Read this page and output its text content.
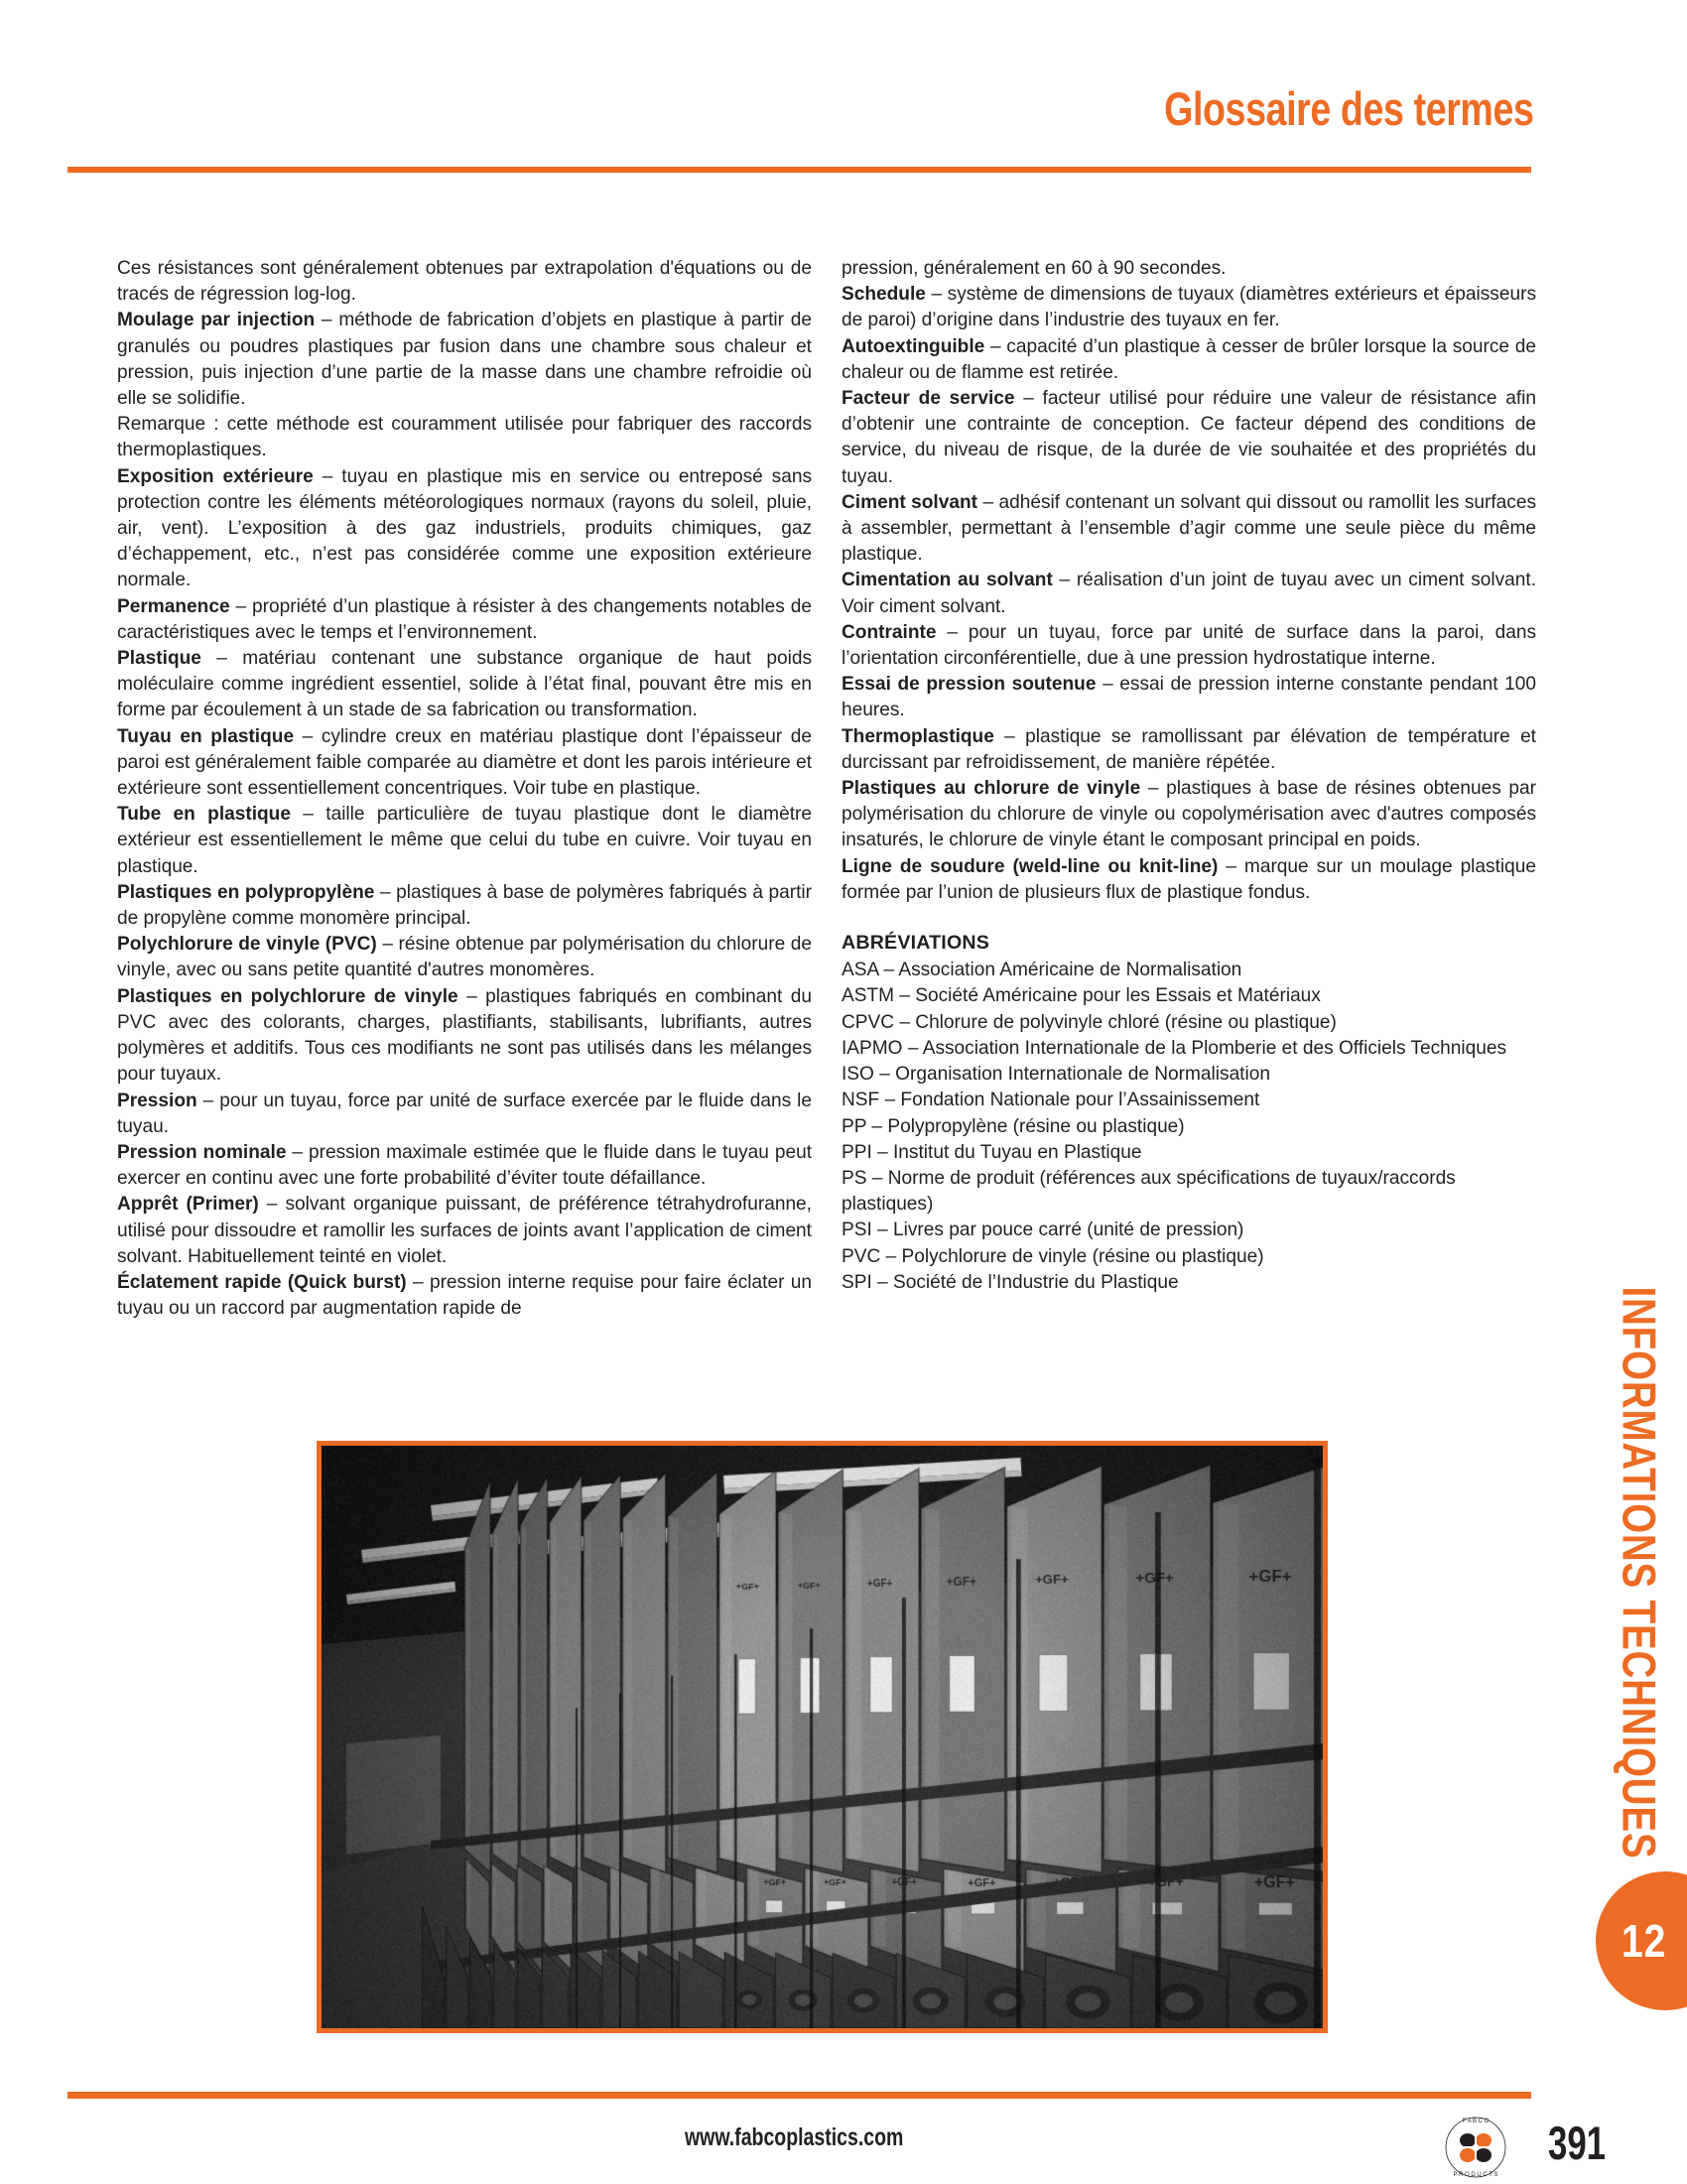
Glossaire des termes

Ces résistances sont généralement obtenues par extrapolation d'équations ou de tracés de régression log-log.

Moulage par injection – méthode de fabrication d’objets en plastique à partir de granulés ou poudres plastiques par fusion dans une chambre sous chaleur et pression, puis injection d’une partie de la masse dans une chambre refroidie où elle se solidifie.

Remarque : cette méthode est couramment utilisée pour fabriquer des raccords thermoplastiques.

Exposition extérieure – tuyau en plastique mis en service ou entreposé sans protection contre les éléments météorologiques normaux (rayons du soleil, pluie, air, vent). L’exposition à des gaz industriels, produits chimiques, gaz d’échappement, etc., n’est pas considérée comme une exposition extérieure normale.

Permanence – propriété d’un plastique à résister à des changements notables de caractéristiques avec le temps et l’environnement.

Plastique – matériau contenant une substance organique de haut poids moléculaire comme ingrédient essentiel, solide à l’état final, pouvant être mis en forme par écoulement à un stade de sa fabrication ou transformation.

Tuyau en plastique – cylindre creux en matériau plastique dont l’épaisseur de paroi est généralement faible comparée au diamètre et dont les parois intérieure et extérieure sont essentiellement concentriques. Voir tube en plastique.

Tube en plastique – taille particulière de tuyau plastique dont le diamètre extérieur est essentiellement le même que celui du tube en cuivre. Voir tuyau en plastique.

Plastiques en polypropylène – plastiques à base de polymères fabriqués à partir de propylène comme monomère principal.

Polychlorure de vinyle (PVC) – résine obtenue par polymérisation du chlorure de vinyle, avec ou sans petite quantité d'autres monomères.

Plastiques en polychlorure de vinyle – plastiques fabriqués en combinant du PVC avec des colorants, charges, plastifiants, stabilisants, lubrifiants, autres polymères et additifs. Tous ces modifiants ne sont pas utilisés dans les mélanges pour tuyaux.

Pression – pour un tuyau, force par unité de surface exercée par le fluide dans le tuyau.

Pression nominale – pression maximale estimée que le fluide dans le tuyau peut exercer en continu avec une forte probabilité d’éviter toute défaillance.

Apprêt (Primer) – solvant organique puissant, de préférence tétrahydrofuranne, utilisé pour dissoudre et ramollir les surfaces de joints avant l’application de ciment solvant. Habituellement teinté en violet.

Éclatement rapide (Quick burst) – pression interne requise pour faire éclater un tuyau ou un raccord par augmentation rapide de

pression, généralement en 60 à 90 secondes.

Schedule – système de dimensions de tuyaux (diamètres extérieurs et épaisseurs de paroi) d’origine dans l’industrie des tuyaux en fer.

Autoextinguible – capacité d’un plastique à cesser de brûler lorsque la source de chaleur ou de flamme est retirée.

Facteur de service – facteur utilisé pour réduire une valeur de résistance afin d’obtenir une contrainte de conception. Ce facteur dépend des conditions de service, du niveau de risque, de la durée de vie souhaitée et des propriétés du tuyau.

Ciment solvant – adhésif contenant un solvant qui dissout ou ramollit les surfaces à assembler, permettant à l’ensemble d’agir comme une seule pièce du même plastique.

Cimentation au solvant – réalisation d’un joint de tuyau avec un ciment solvant. Voir ciment solvant.

Contrainte – pour un tuyau, force par unité de surface dans la paroi, dans l’orientation circonférentielle, due à une pression hydrostatique interne.

Essai de pression soutenue – essai de pression interne constante pendant 100 heures.

Thermoplastique – plastique se ramollissant par élévation de température et durcissant par refroidissement, de manière répétée.

Plastiques au chlorure de vinyle – plastiques à base de résines obtenues par polymérisation du chlorure de vinyle ou copolymérisation avec d'autres composés insaturés, le chlorure de vinyle étant le composant principal en poids.

Ligne de soudure (weld-line ou knit-line) – marque sur un moulage plastique formée par l’union de plusieurs flux de plastique fondus.

ABRÉVIATIONS
ASA – Association Américaine de Normalisation
ASTM – Société Américaine pour les Essais et Matériaux
CPVC – Chlorure de polyvinyle chloré (résine ou plastique)
IAPMO – Association Internationale de la Plomberie et des Officiels Techniques
ISO – Organisation Internationale de Normalisation
NSF – Fondation Nationale pour l’Assainissement
PP – Polypropylène (résine ou plastique)
PPI – Institut du Tuyau en Plastique
PS – Norme de produit (références aux spécifications de tuyaux/raccords plastiques)
PSI – Livres par pouce carré (unité de pression)
PVC – Polychlorure de vinyle (résine ou plastique)
SPI – Société de l’Industrie du Plastique
INFORMATIONS TECHNIQUES
12
www.fabcoplastics.com
F A B C O
P R O D U C T S
391
